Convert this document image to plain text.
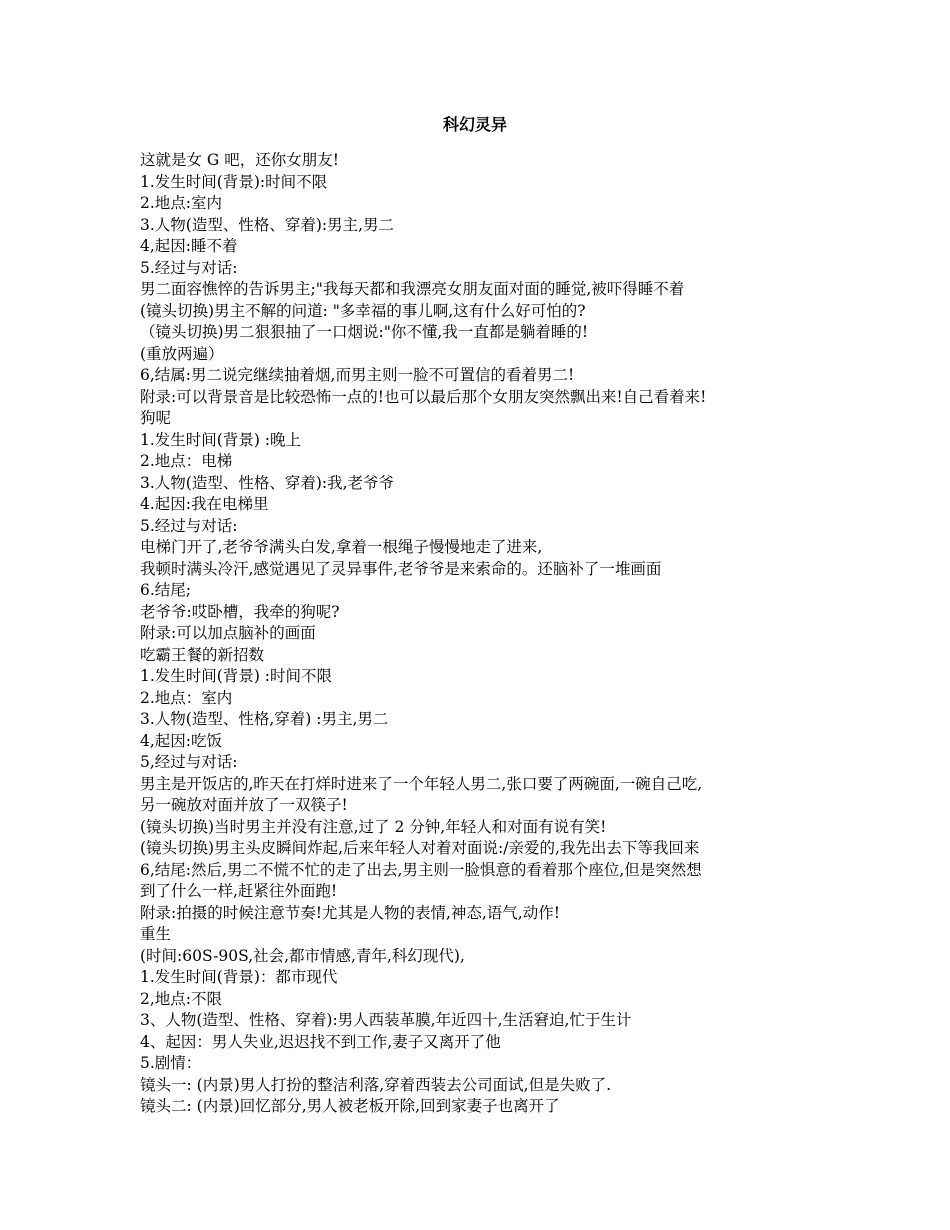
科幻灵异
这就是女 G 吧，还你女朋友!
1.发生时间(背景):时间不限
2.地点:室内
3.人物(造型、性格、穿着):男主,男二
4,起因:睡不着
5.经过与对话:
男二面容憔悴的告诉男主;"我每天都和我漂亮女朋友面对面的睡觉,被吓得睡不着
(镜头切换)男主不解的问道: "多幸福的事儿啊,这有什么好可怕的?
（镜头切换)男二狠狠抽了一口烟说:"你不懂,我一直都是躺着睡的!
(重放两遍）
6,结属:男二说完继续抽着烟,而男主则一脸不可置信的看着男二!
附录:可以背景音是比较恐怖一点的!也可以最后那个女朋友突然飘出来!自己看着来!
狗呢
1.发生时间(背景) :晚上
2.地点：电梯
3.人物(造型、性格、穿着):我,老爷爷
4.起因:我在电梯里
5.经过与对话:
电梯门开了,老爷爷满头白发,拿着一根绳子慢慢地走了进来,
我顿时满头冷汗,感觉遇见了灵异事件,老爷爷是来索命的。还脑补了一堆画面
6.结尾;
老爷爷:哎卧槽，我牵的狗呢?
附录:可以加点脑补的画面
吃霸王餐的新招数
1.发生时间(背景) :时间不限
2.地点：室内
3.人物(造型、性格,穿着) :男主,男二
4,起因:吃饭
5,经过与对话:
男主是开饭店的,昨天在打烊时进来了一个年轻人男二,张口要了两碗面,一碗自己吃,
另一碗放对面并放了一双筷子!
(镜头切换)当时男主并没有注意,过了 2 分钟,年轻人和对面有说有笑!
(镜头切换)男主头皮瞬间炸起,后来年轻人对着对面说:/亲爱的,我先出去下等我回来
6,结尾:然后,男二不慌不忙的走了出去,男主则一脸惧意的看着那个座位,但是突然想
到了什么一样,赶紧往外面跑!
附录:拍摄的时候注意节奏!尤其是人物的表情,神态,语气,动作!
重生
(时间:60S-90S,社会,都市情感,青年,科幻现代),
1.发生时间(背景)：都市现代
2,地点:不限
3、人物(造型、性格、穿着):男人西装革膜,年近四十,生活窘迫,忙于生计
4、起因：男人失业,迟迟找不到工作,妻子又离开了他
5.剧情：
镜头一: (内景)男人打扮的整洁利落,穿着西装去公司面试,但是失败了.
镜头二: (内景)回忆部分,男人被老板开除,回到家妻子也离开了
